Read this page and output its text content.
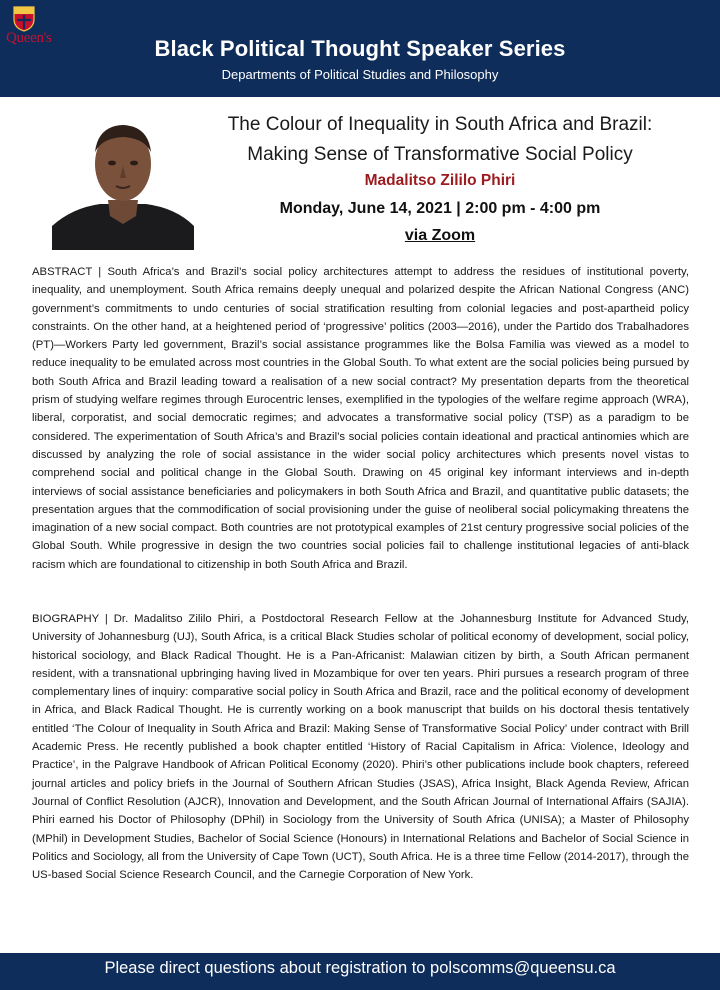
Queen's	Black Political Thought Speaker Series
Departments of Political Studies and Philosophy
The Colour of Inequality in South Africa and Brazil:
Making Sense of Transformative Social Policy
Madalitso Zililo Phiri
Monday, June 14, 2021 | 2:00 pm - 4:00 pm
via Zoom
ABSTRACT | South Africa’s and Brazil’s social policy architectures attempt to address the residues of institutional poverty, inequality, and unemployment. South Africa remains deeply unequal and polarized despite the African National Congress (ANC) government’s commitments to undo centuries of social stratification resulting from colonial legacies and post-apartheid policy constraints. On the other hand, at a heightened period of ‘progressive’ politics (2003—2016), under the Partido dos Trabalhadores (PT)—Workers Party led government, Brazil’s social assistance programmes like the Bolsa Familia was viewed as a model to reduce inequality to be emulated across most countries in the Global South. To what extent are the social policies being pursued by both South Africa and Brazil leading toward a realisation of a new social contract? My presentation departs from the theoretical prism of studying welfare regimes through Eurocentric lenses, exemplified in the typologies of the welfare regime approach (WRA), liberal, corporatist, and social democratic regimes; and advocates a transformative social policy (TSP) as a paradigm to be considered. The experimentation of South Africa’s and Brazil’s social policies contain ideational and practical antinomies which are discussed by analyzing the role of social assistance in the wider social policy architectures which presents novel vistas to comprehend social and political change in the Global South. Drawing on 45 original key informant interviews and in-depth interviews of social assistance beneficiaries and policymakers in both South Africa and Brazil, and quantitative public datasets; the presentation argues that the commodification of social provisioning under the guise of neoliberal social policymaking threatens the imagination of a new social compact. Both countries are not prototypical examples of 21st century progressive social policies of the Global South. While progressive in design the two countries social policies fail to challenge institutional legacies of anti-black racism which are foundational to citizenship in both South Africa and Brazil.
BIOGRAPHY | Dr. Madalitso Zililo Phiri, a Postdoctoral Research Fellow at the Johannesburg Institute for Advanced Study, University of Johannesburg (UJ), South Africa, is a critical Black Studies scholar of political economy of development, social policy, historical sociology, and Black Radical Thought. He is a Pan-Africanist: Malawian citizen by birth, a South African permanent resident, with a transnational upbringing having lived in Mozambique for over ten years. Phiri pursues a research program of three complementary lines of inquiry: comparative social policy in South Africa and Brazil, race and the political economy of development in Africa, and Black Radical Thought. He is currently working on a book manuscript that builds on his doctoral thesis tentatively entitled ‘The Colour of Inequality in South Africa and Brazil: Making Sense of Transformative Social Policy’ under contract with Brill Academic Press. He recently published a book chapter entitled ‘History of Racial Capitalism in Africa: Violence, Ideology and Practice’, in the Palgrave Handbook of African Political Economy (2020). Phiri’s other publications include book chapters, refereed journal articles and policy briefs in the Journal of Southern African Studies (JSAS), Africa Insight, Black Agenda Review, African Journal of Conflict Resolution (AJCR), Innovation and Development, and the South African Journal of International Affairs (SAJIA). Phiri earned his Doctor of Philosophy (DPhil) in Sociology from the University of South Africa (UNISA); a Master of Philosophy (MPhil) in Development Studies, Bachelor of Social Science (Honours) in International Relations and Bachelor of Social Science in Politics and Sociology, all from the University of Cape Town (UCT), South Africa. He is a three time Fellow (2014-2017), through the US-based Social Science Research Council, and the Carnegie Corporation of New York.
Please direct questions about registration to polscomms@queensu.ca
